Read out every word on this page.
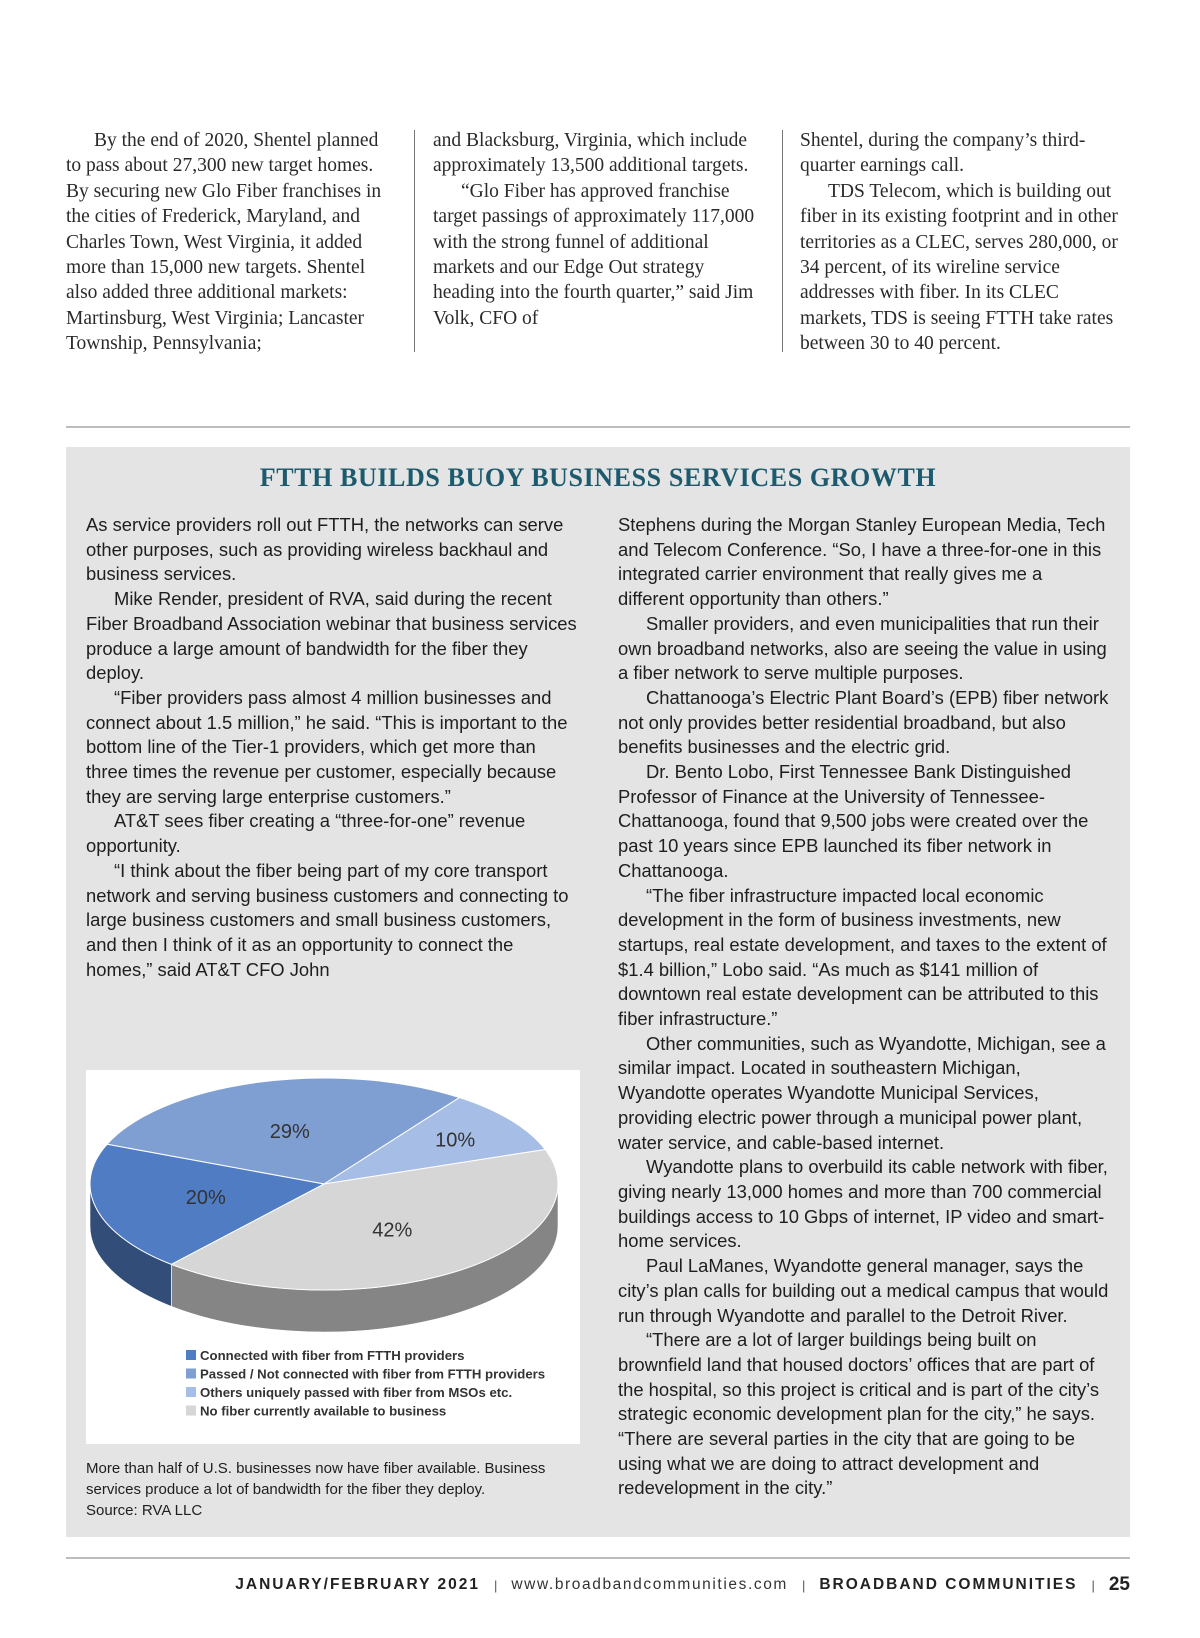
By the end of 2020, Shentel planned to pass about 27,300 new target homes. By securing new Glo Fiber franchises in the cities of Frederick, Maryland, and Charles Town, West Virginia, it added more than 15,000 new targets. Shentel also added three additional markets: Martinsburg, West Virginia; Lancaster Township, Pennsylvania;

and Blacksburg, Virginia, which include approximately 13,500 additional targets.

“Glo Fiber has approved franchise target passings of approximately 117,000 with the strong funnel of additional markets and our Edge Out strategy heading into the fourth quarter,” said Jim Volk, CFO of

Shentel, during the company’s third-quarter earnings call.

TDS Telecom, which is building out fiber in its existing footprint and in other territories as a CLEC, serves 280,000, or 34 percent, of its wireline service addresses with fiber. In its CLEC markets, TDS is seeing FTTH take rates between 30 to 40 percent.

FTTH BUILDS BUOY BUSINESS SERVICES GROWTH

As service providers roll out FTTH, the networks can serve other purposes, such as providing wireless backhaul and business services.

Mike Render, president of RVA, said during the recent Fiber Broadband Association webinar that business services produce a large amount of bandwidth for the fiber they deploy.

“Fiber providers pass almost 4 million businesses and connect about 1.5 million,” he said. “This is important to the bottom line of the Tier-1 providers, which get more than three times the revenue per customer, especially because they are serving large enterprise customers.”

AT&T sees fiber creating a “three-for-one” revenue opportunity.

“I think about the fiber being part of my core transport network and serving business customers and connecting to large business customers and small business customers, and then I think of it as an opportunity to connect the homes,” said AT&T CFO John

Stephens during the Morgan Stanley European Media, Tech and Telecom Conference. “So, I have a three-for-one in this integrated carrier environment that really gives me a different opportunity than others.”

Smaller providers, and even municipalities that run their own broadband networks, also are seeing the value in using a fiber network to serve multiple purposes.

Chattanooga’s Electric Plant Board’s (EPB) fiber network not only provides better residential broadband, but also benefits businesses and the electric grid.

Dr. Bento Lobo, First Tennessee Bank Distinguished Professor of Finance at the University of Tennessee-Chattanooga, found that 9,500 jobs were created over the past 10 years since EPB launched its fiber network in Chattanooga.

“The fiber infrastructure impacted local economic development in the form of business investments, new startups, real estate development, and taxes to the extent of $1.4 billion,” Lobo said. “As much as $141 million of downtown real estate development can be attributed to this fiber infrastructure.”

Other communities, such as Wyandotte, Michigan, see a similar impact. Located in southeastern Michigan, Wyandotte operates Wyandotte Municipal Services, providing electric power through a municipal power plant, water service, and cable-based internet.

Wyandotte plans to overbuild its cable network with fiber, giving nearly 13,000 homes and more than 700 commercial buildings access to 10 Gbps of internet, IP video and smart-home services.

Paul LaManes, Wyandotte general manager, says the city’s plan calls for building out a medical campus that would run through Wyandotte and parallel to the Detroit River.

“There are a lot of larger buildings being built on brownfield land that housed doctors’ offices that are part of the hospital, so this project is critical and is part of the city’s strategic economic development plan for the city,” he says. “There are several parties in the city that are going to be using what we are doing to attract development and redevelopment in the city.”

29%	10%
42%
20%
Connected with fiber from FTTH providers
Passed / Not connected with fiber from FTTH providers
Others uniquely passed with fiber from MSOs etc.
No fiber currently available to business
More than half of U.S. businesses now have fiber available. Business
services produce a lot of bandwidth for the fiber they deploy.
Source: RVA LLC
JANUARY/FEBRUARY 2021 | www.broadbandcommunities.com | BROADBAND COMMUNITIES | 25
